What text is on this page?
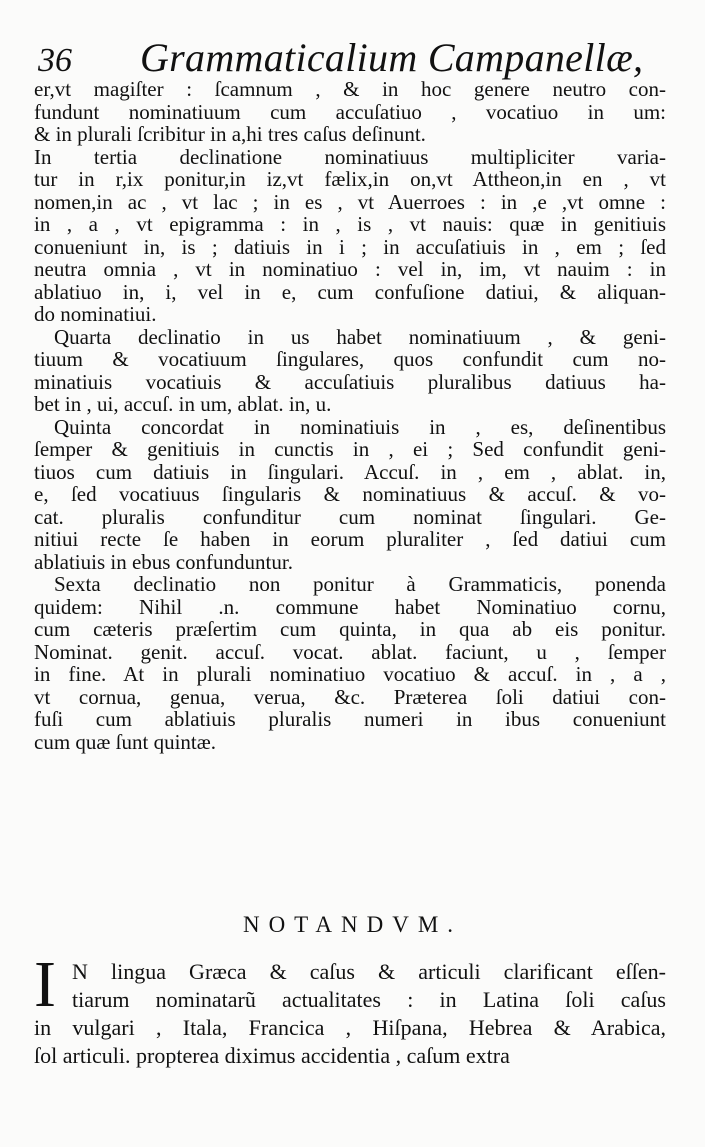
36 Grammaticalium Campanellæ,
er,vt magiſter : ſcamnum , & in hoc genere neutro con-
fundunt nominatiuum cum accuſatiuo , vocatiuo in um:
& in plurali ſcribitur in a,hi tres caſus deſinunt.
In tertia declinatione nominatiuus multipliciter varia-
tur in r,ix ponitur,in iz,vt fælix,in on,vt Attheon,in en , vt
nomen,in ac , vt lac ; in es , vt Auerroes : in ,e ,vt omne :
in , a , vt epigramma : in , is , vt nauis: quæ in genitiuis
conueniunt in, is ; datiuis in i ; in accuſatiuis in , em ; ſed
neutra omnia , vt in nominatiuo : vel in, im, vt nauim : in
ablatiuo in, i, vel in e, cum confuſione datiui, & aliquan-
do nominatiui.
Quarta declinatio in us habet nominatiuum , & geni-
tiuum & vocatiuum ſingulares, quos confundit cum no-
minatiuis vocatiuis & accuſatiuis pluralibus datiuus ha-
bet in , ui, accuſ. in um, ablat. in, u.
Quinta concordat in nominatiuis in , es, deſinentibus
ſemper & genitiuis in cunctis in , ei ; Sed confundit geni-
tiuos cum datiuis in ſingulari. Accuſ. in , em , ablat. in,
e, ſed vocatiuus ſingularis & nominatiuus & accuſ. & vo-
cat. pluralis confunditur cum nominat ſingulari. Ge-
nitiui recte ſe haben in eorum pluraliter , ſed datiui cum
ablatiuis in ebus confunduntur.
Sexta declinatio non ponitur à Grammaticis, ponenda
quidem: Nihil .n. commune habet Nominatiuo cornu,
cum cæteris præſertim cum quinta, in qua ab eis ponitur.
Nominat. genit. accuſ. vocat. ablat. faciunt, u , ſemper
in fine. At in plurali nominatiuo vocatiuo & accuſ. in , a ,
vt cornua, genua, verua, &c. Præterea ſoli datiui con-
fuſi cum ablatiuis pluralis numeri in ibus conueniunt
cum quæ ſunt quintæ.
NOTANDVM.
I N lingua Græca & caſus & articuli clarificant eſſen-
tiarum nominatarũ actualitates : in Latina ſoli caſus
in vulgari , Itala, Francica , Hiſpana, Hebrea & Arabica,
ſol articuli. propterea diximus accidentia , caſum extra
